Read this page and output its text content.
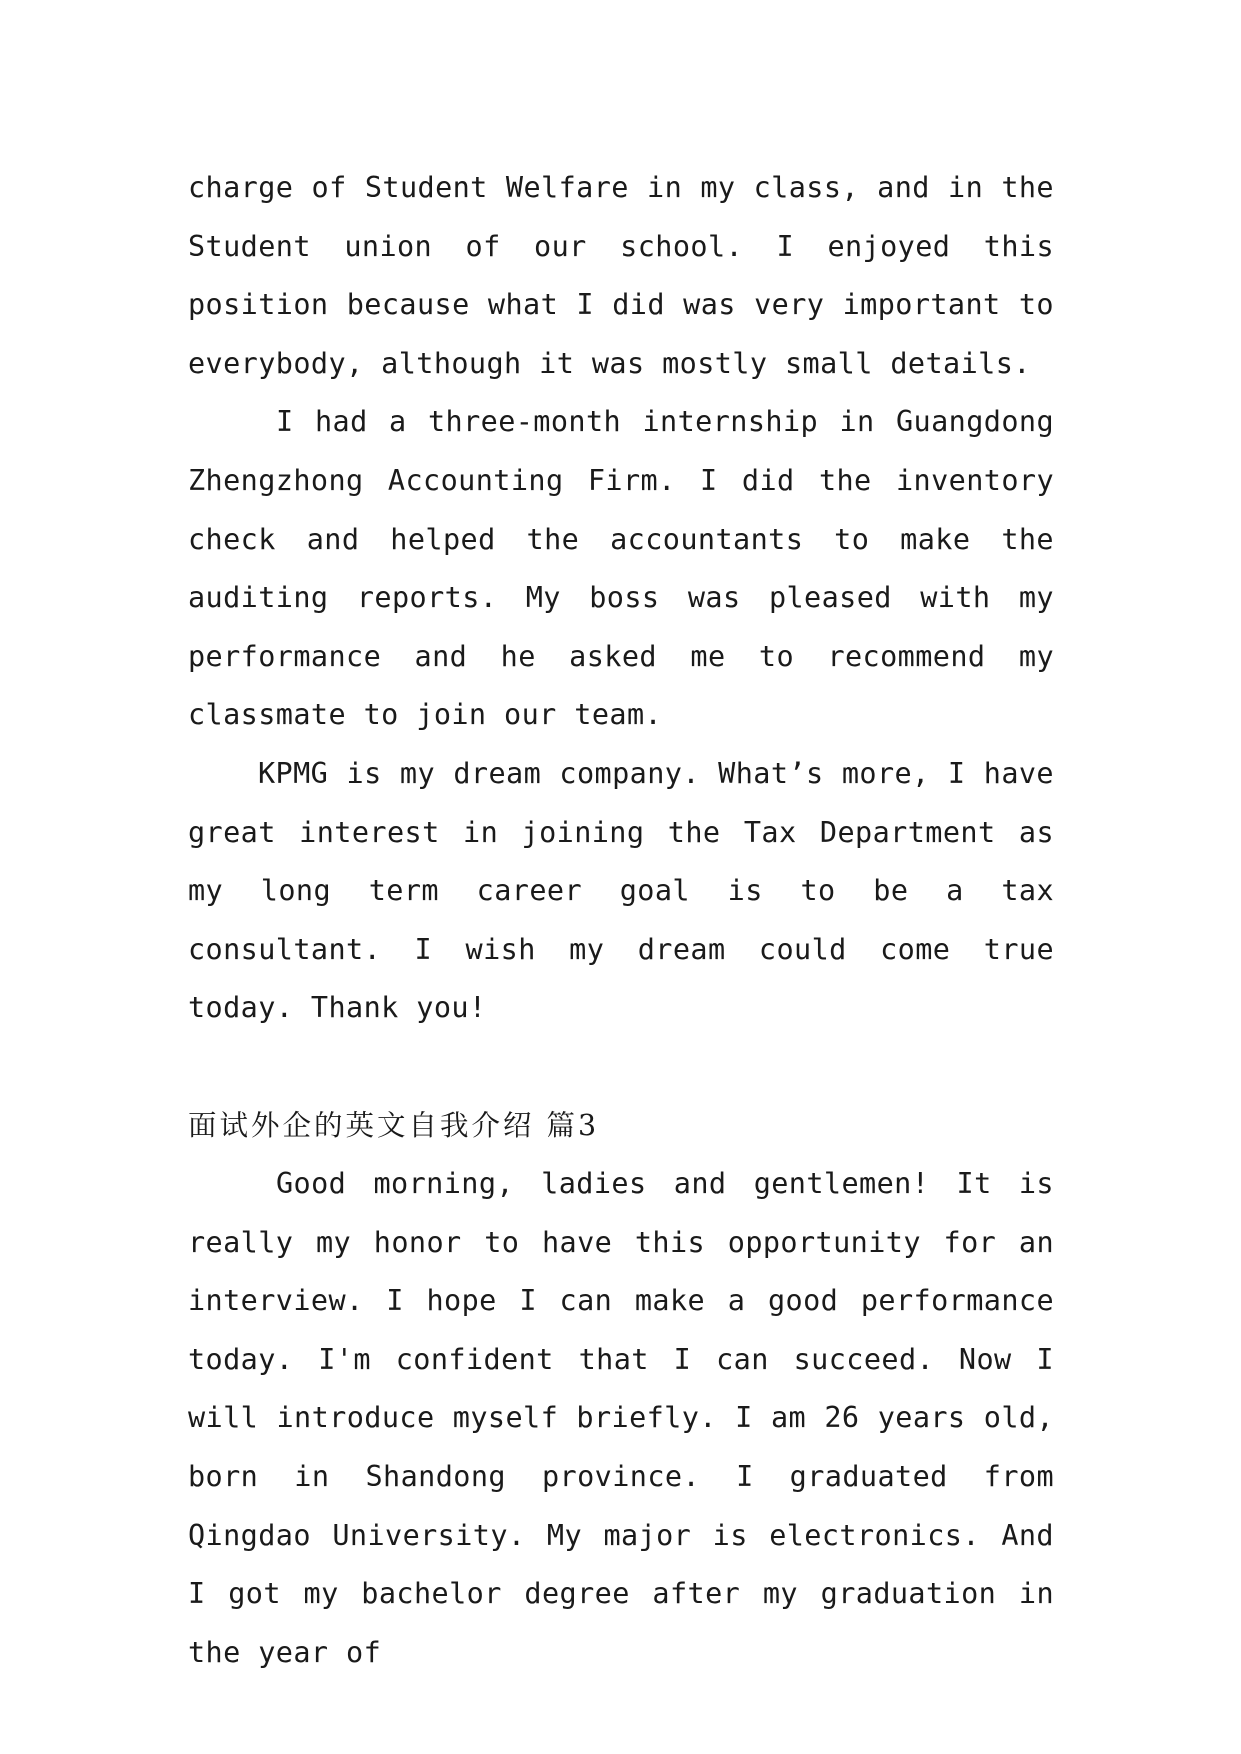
charge of Student Welfare in my class, and in the Student union of our school. I enjoyed this position because what I did was very important to everybody, although it was mostly small details.

I had a three-month internship in Guangdong Zhengzhong Accounting Firm. I did the inventory check and helped the accountants to make the auditing reports. My boss was pleased with my performance and he asked me to recommend my classmate to join our team.

KPMG is my dream company. What’s more, I have great interest in joining the Tax Department as my long term career goal is to be a tax consultant. I wish my dream could come true today. Thank you!

面试外企的英文自我介绍 篇3

Good morning, ladies and gentlemen! It is really my honor to have this opportunity for an interview. I hope I can make a good performance today. I'm confident that I can succeed. Now I will introduce myself briefly. I am 26 years old, born in Shandong province. I graduated from Qingdao University. My major is electronics. And I got my bachelor degree after my graduation in the year of
